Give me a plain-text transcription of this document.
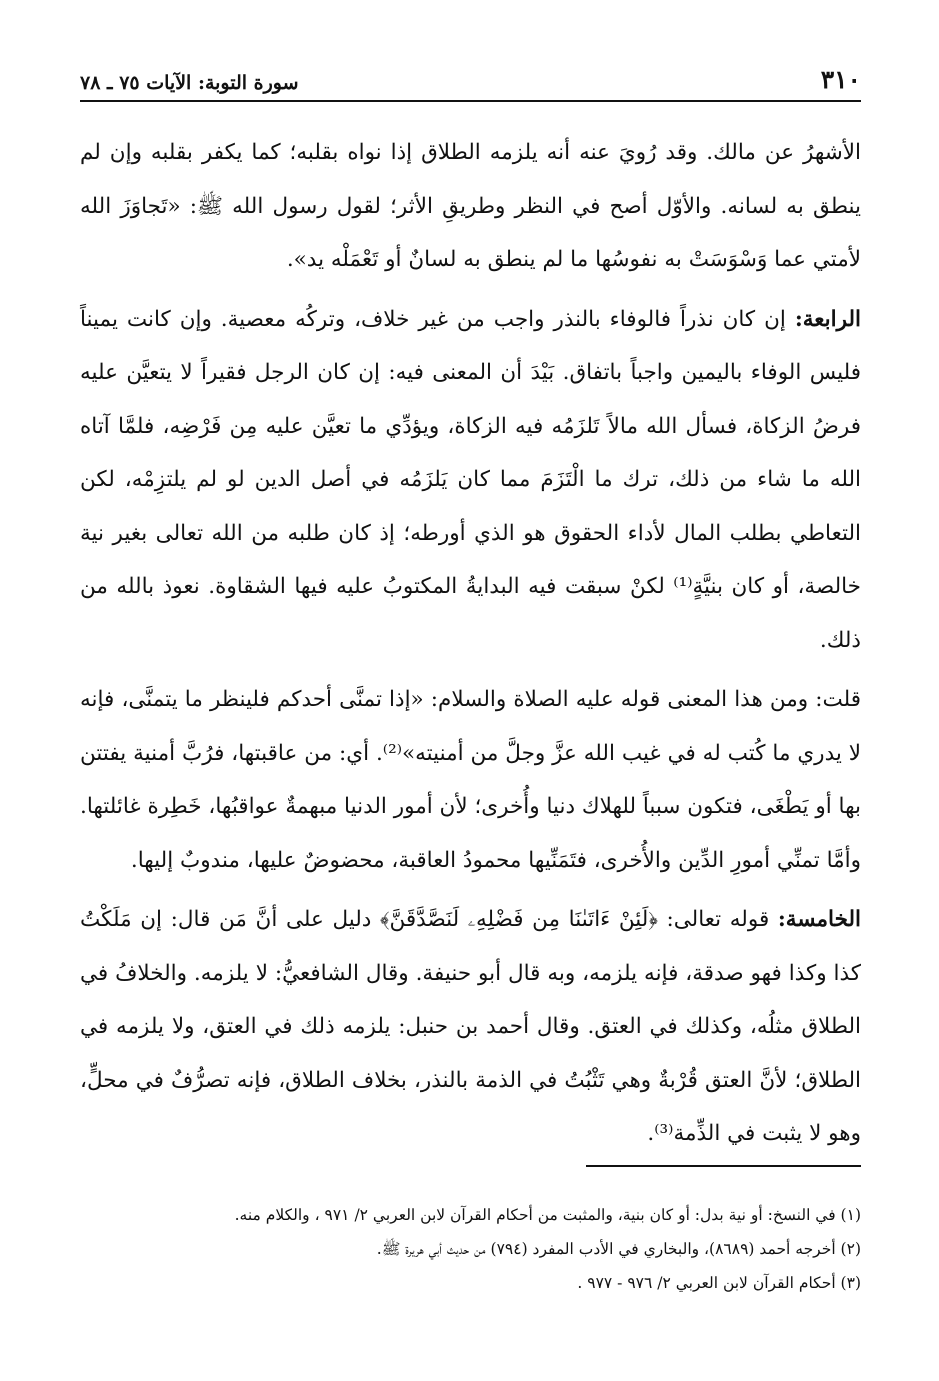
٣١٠
سورة التوبة: الآيات ٧٥ ـ ٧٨

الأشهرُ عن مالك. وقد رُويَ عنه أنه يلزمه الطلاق إذا نواه بقلبه؛ كما يكفر بقلبه وإن لم ينطق به لسانه. والأوّل أصح في النظر وطريقِ الأثر؛ لقول رسول الله ﷺ: «تَجاوَزَ الله لأمتي عما وَسْوَسَتْ به نفوسُها ما لم ينطق به لسانٌ أو تَعْمَلْه يد».

الرابعة: إن كان نذراً فالوفاء بالنذر واجب من غير خلاف، وتركُه معصية. وإن كانت يميناً فليس الوفاء باليمين واجباً باتفاق. بَيْدَ أن المعنى فيه: إن كان الرجل فقيراً لا يتعيَّن عليه فرضُ الزكاة، فسأل الله مالاً تَلزَمُه فيه الزكاة، ويؤدِّي ما تعيَّن عليه مِن فَرْضِه، فلمَّا آتاه الله ما شاء من ذلك، ترك ما الْتَزَمَ مما كان يَلزَمُه في أصل الدين لو لم يلتزِمْه، لكن التعاطي بطلب المال لأداء الحقوق هو الذي أورطه؛ إذ كان طلبه من الله تعالى بغير نية خالصة، أو كان بنيَّةٍ⁽¹⁾ لكنْ سبقت فيه البدايةُ المكتوبُ عليه فيها الشقاوة. نعوذ بالله من ذلك.

قلت: ومن هذا المعنى قوله عليه الصلاة والسلام: «إذا تمنَّى أحدكم فلينظر ما يتمنَّى، فإنه لا يدري ما كُتب له في غيب الله عزَّ وجلَّ من أمنيته»⁽²⁾. أي: من عاقبتها، فرُبَّ أمنية يفتتن بها أو يَطْغَى، فتكون سبباً للهلاك دنيا وأُخرى؛ لأن أمور الدنيا مبهمةٌ عواقبُها، خَطِرة غائلتها. وأمَّا تمنِّي أمورِ الدِّين والأُخرى، فتَمَنِّيها محمودُ العاقبة، محضوضٌ عليها، مندوبٌ إليها.

الخامسة: قوله تعالى: ﴿لَئِنْ ءَاتَىٰنَا مِن فَضْلِهِۦ لَنَصَّدَّقَنَّ﴾ دليل على أنَّ مَن قال: إن مَلَكْتُ كذا وكذا فهو صدقة، فإنه يلزمه، وبه قال أبو حنيفة. وقال الشافعيُّ: لا يلزمه. والخلافُ في الطلاق مثلُه، وكذلك في العتق. وقال أحمد بن حنبل: يلزمه ذلك في العتق، ولا يلزمه في الطلاق؛ لأنَّ العتق قُرْبةٌ وهي تَثْبُتُ في الذمة بالنذر، بخلاف الطلاق، فإنه تصرُّفٌ في محلٍّ، وهو لا يثبت في الذِّمة⁽³⁾.

(١) في النسخ: أو نية بدل: أو كان بنية، والمثبت من أحكام القرآن لابن العربي ٢/ ٩٧١ ، والكلام منه.

(٢) أخرجه أحمد (٨٦٨٩)، والبخاري في الأدب المفرد (٧٩٤) من حديث أبي هريرة ﷺ.

(٣) أحكام القرآن لابن العربي ٢/ ٩٧٦ - ٩٧٧ .
